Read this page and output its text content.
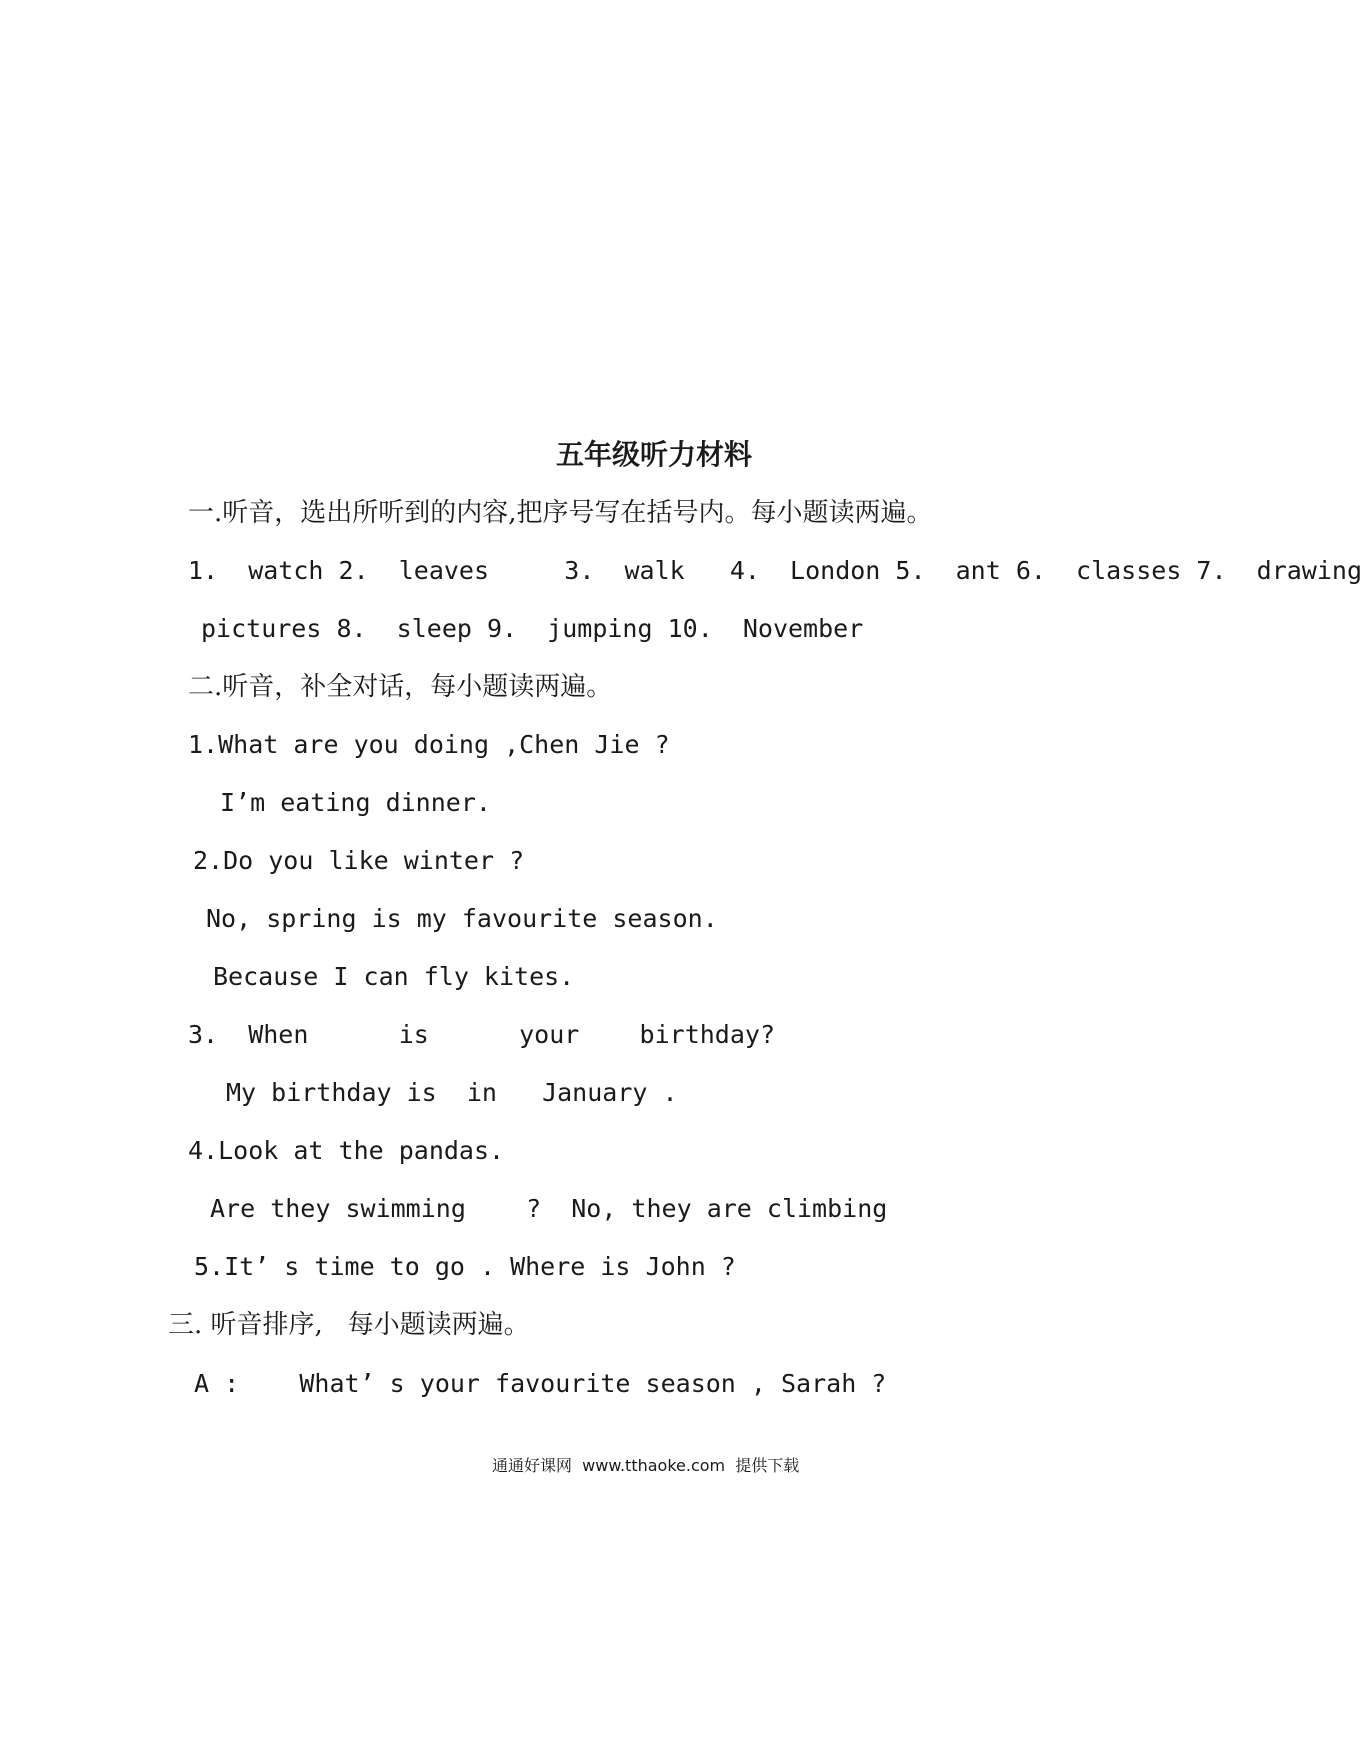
五年级听力材料
一.听音，选出所听到的内容,把序号写在括号内。每小题读两遍。
1.  watch 2.  leaves     3.  walk   4.  London 5.  ant 6.  classes 7.  drawing
pictures 8.  sleep 9.  jumping 10.  November
二.听音，补全对话，每小题读两遍。
1.What are you doing ,Chen Jie ?
I’m eating dinner.
2.Do you like winter ?
No, spring is my favourite season.
Because I can fly kites.
3.  When      is      your    birthday?
My birthday is  in   January .
4.Look at the pandas.
Are they swimming    ?  No, they are climbing
5.It’ s time to go . Where is John ?
三. 听音排序,   每小题读两遍。
A :    What’ s your favourite season , Sarah ?
通通好课网  www.tthaoke.com  提供下载
